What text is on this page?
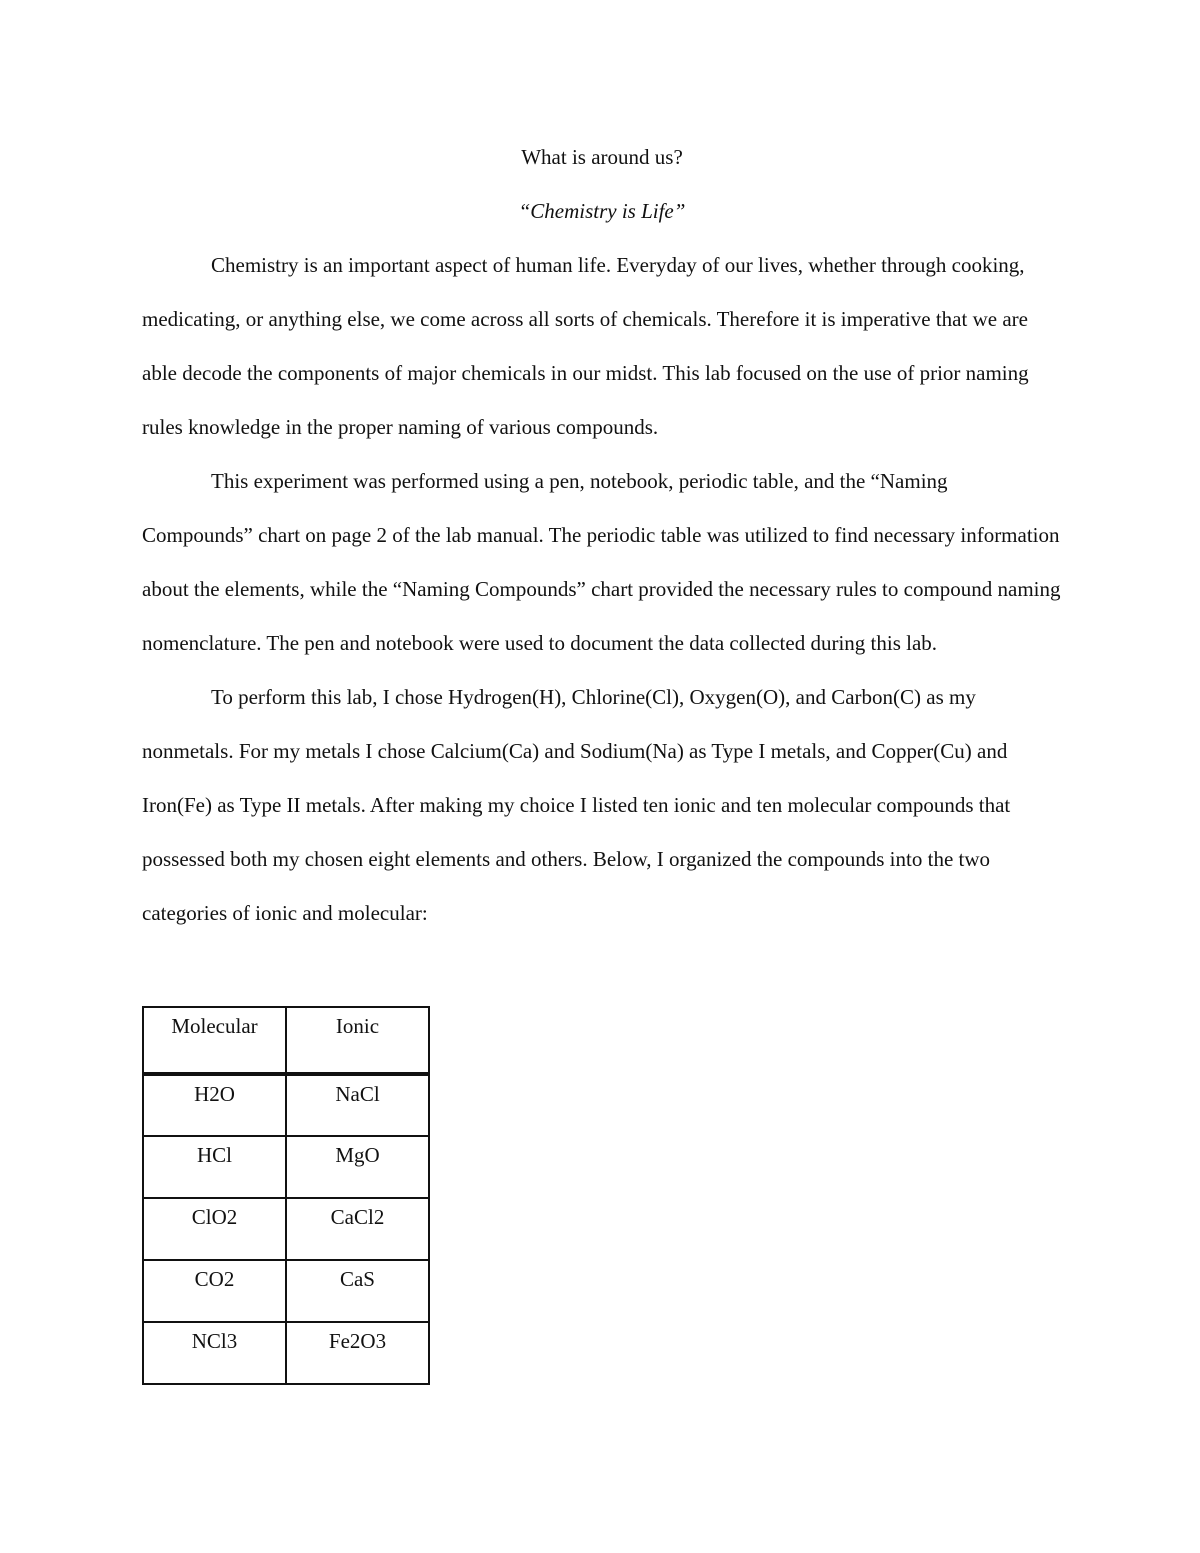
What is around us?

“Chemistry is Life”

Chemistry is an important aspect of human life. Everyday of our lives, whether through cooking, medicating, or anything else, we come across all sorts of chemicals. Therefore it is imperative that we are able decode the components of major chemicals in our midst. This lab focused on the use of prior naming rules knowledge in the proper naming of various compounds.

This experiment was performed using a pen, notebook, periodic table, and the “Naming Compounds” chart on page 2 of the lab manual. The periodic table was utilized to find necessary information about the elements, while the “Naming Compounds” chart provided the necessary rules to compound naming nomenclature. The pen and notebook were used to document the data collected during this lab.

To perform this lab, I chose Hydrogen(H), Chlorine(Cl), Oxygen(O), and Carbon(C) as my nonmetals. For my metals I chose Calcium(Ca) and Sodium(Na) as Type I metals, and Copper(Cu) and Iron(Fe) as Type II metals. After making my choice I listed ten ionic and ten molecular compounds that possessed both my chosen eight elements and others. Below, I organized the compounds into the two categories of ionic and molecular:

Molecular	Ionic
H2O	NaCl
HCl	MgO
ClO2	CaCl2
CO2	CaS
NCl3	Fe2O3
